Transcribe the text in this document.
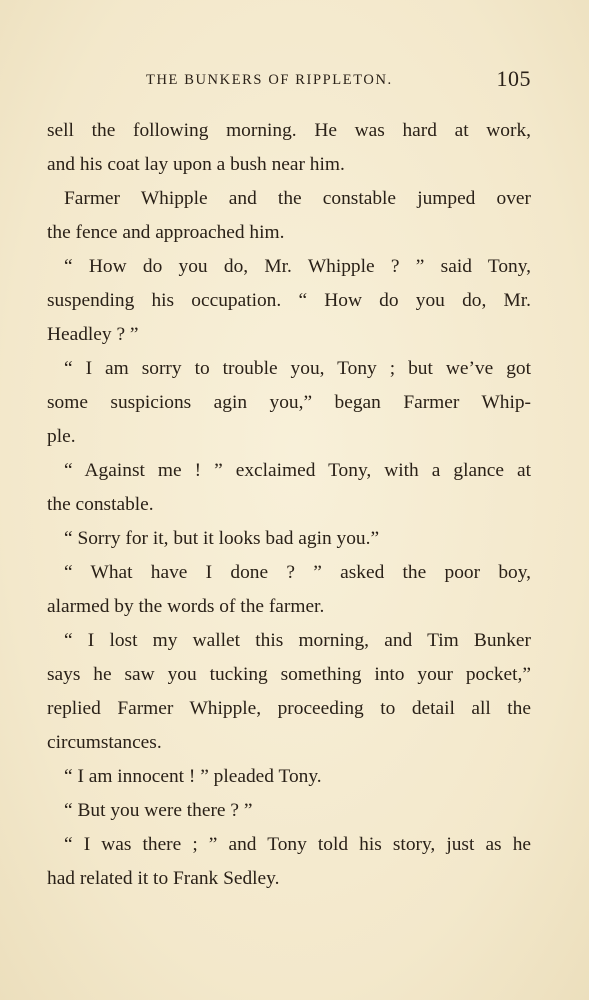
THE BUNKERS OF RIPPLETON.	105
sell the following morning. He was hard at work,
and his coat lay upon a bush near him.
Farmer Whipple and the constable jumped over
the fence and approached him.
“ How do you do, Mr. Whipple ? ” said Tony,
suspending his occupation. “ How do you do, Mr.
Headley ? ”
“ I am sorry to trouble you, Tony ; but we’ve got
some suspicions agin you,” began Farmer Whip-
ple.
“ Against me ! ” exclaimed Tony, with a glance at
the constable.
“ Sorry for it, but it looks bad agin you.”
“ What have I done ? ” asked the poor boy,
alarmed by the words of the farmer.
“ I lost my wallet this morning, and Tim Bunker
says he saw you tucking something into your pocket,”
replied Farmer Whipple, proceeding to detail all the
circumstances.
“ I am innocent ! ” pleaded Tony.
“ But you were there ? ”
“ I was there ; ” and Tony told his story, just as he
had related it to Frank Sedley.
